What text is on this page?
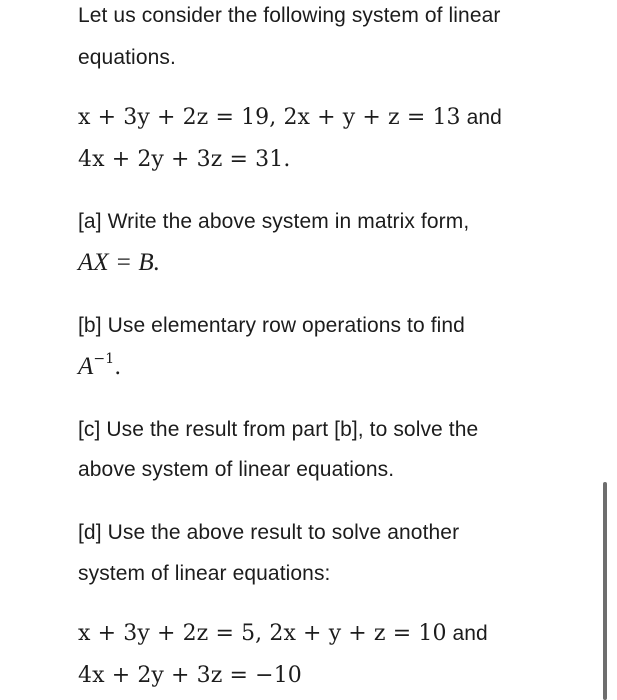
Let us consider the following system of linear
equations.
x + 3y + 2z = 19, 2x + y + z = 13 and
4x + 2y + 3z = 31.
[a] Write the above system in matrix form,
AX = B.
[b] Use elementary row operations to find
$A^{-1}$.
[c] Use the result from part [b], to solve the
above system of linear equations.
[d] Use the above result to solve another
system of linear equations:
x + 3y + 2z = 5, 2x + y + z = 10 and
4x + 2y + 3z = −10
